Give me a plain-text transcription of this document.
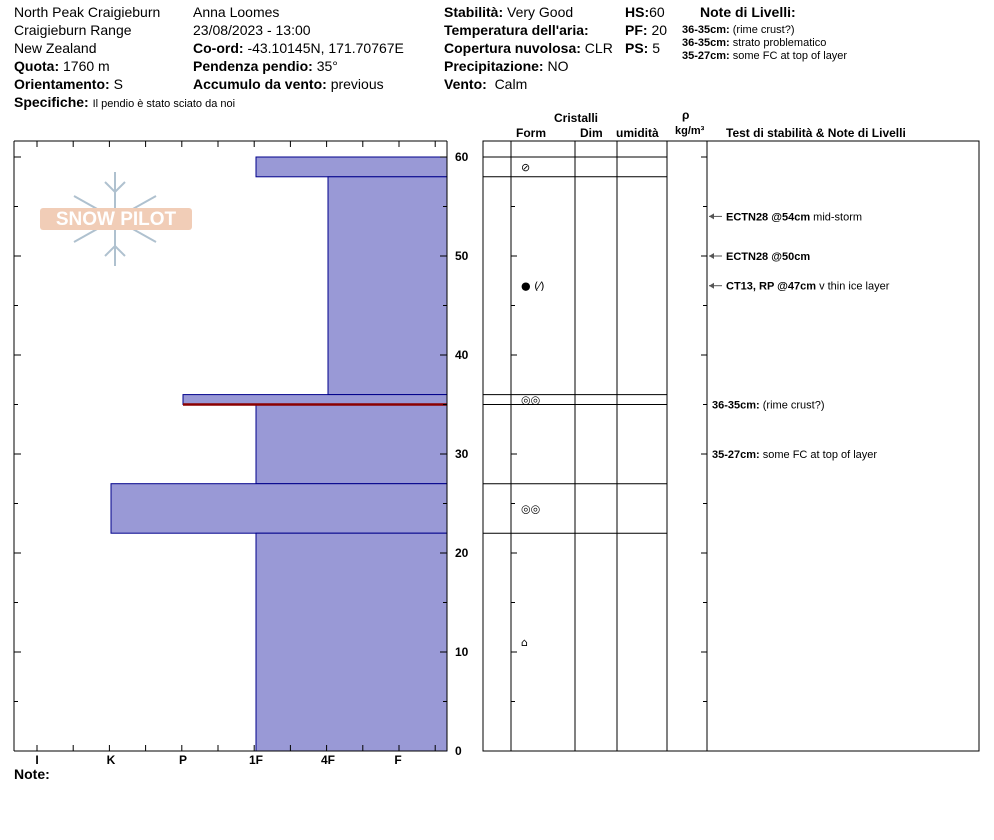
North Peak Craigieburn
Craigieburn Range
New Zealand
Quota: 1760 m
Orientamento: S
Specifiche: Il pendio è stato sciato da noi
Anna Loomes
23/08/2023 - 13:00
Co-ord: -43.10145N, 171.70767E
Pendenza pendio: 35°
Accumulo da vento: previous
Stabilità: Very Good
Temperatura dell'aria:
Copertura nuvolosa: CLR
Precipitazione: NO
Vento: Calm
HS:60
PF: 20
PS: 5
Note di Livelli:
36-35cm: (rime crust?)
36-35cm: strato problematico
35-27cm: some FC at top of layer
Cristalli
Form	Dim umidità
ρ
kg/m³ Test di stabilità & Note di Livelli
Note:
SNOW PILOT
0
10
20
30
40
50
60
I	K	P	1F	4F	F
⊘
● (⁄)
◎◎
◎◎
⌂
ECTN28 @54cm mid-storm
ECTN28 @50cm
CT13, RP @47cm v thin ice layer
36-35cm: (rime crust?)
35-27cm: some FC at top of layer
